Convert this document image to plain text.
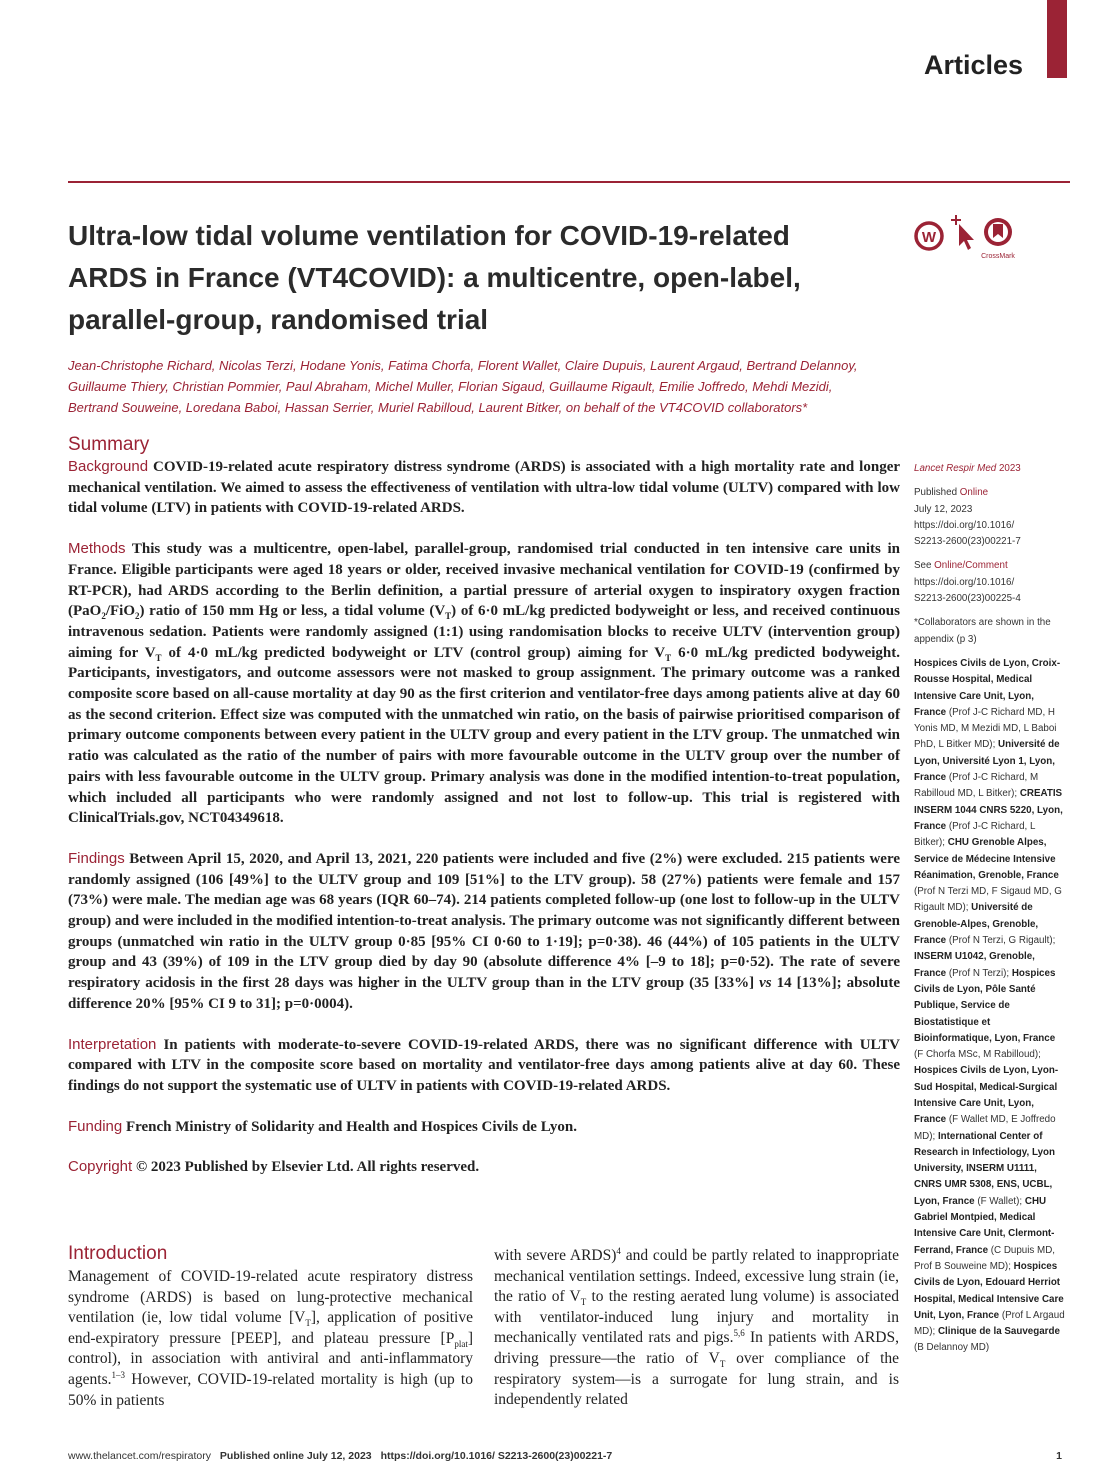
Articles
Ultra-low tidal volume ventilation for COVID-19-related
ARDS in France (VT4COVID): a multicentre, open-label,
parallel-group, randomised trial
W
CrossMark
Jean-Christophe Richard, Nicolas Terzi, Hodane Yonis, Fatima Chorfa, Florent Wallet, Claire Dupuis, Laurent Argaud, Bertrand Delannoy,
Guillaume Thiery, Christian Pommier, Paul Abraham, Michel Muller, Florian Sigaud, Guillaume Rigault, Emilie Joffredo, Mehdi Mezidi,
Bertrand Souweine, Loredana Baboi, Hassan Serrier, Muriel Rabilloud, Laurent Bitker, on behalf of the VT4COVID collaborators*
Summary

Background COVID-19-related acute respiratory distress syndrome (ARDS) is associated with a high mortality rate and longer mechanical ventilation. We aimed to assess the effectiveness of ventilation with ultra-low tidal volume (ULTV) compared with low tidal volume (LTV) in patients with COVID-19-related ARDS.

Methods This study was a multicentre, open-label, parallel-group, randomised trial conducted in ten intensive care units in France. Eligible participants were aged 18 years or older, received invasive mechanical ventilation for COVID-19 (confirmed by RT-PCR), had ARDS according to the Berlin definition, a partial pressure of arterial oxygen to inspiratory oxygen fraction (PaO$_2$/FiO$_2$) ratio of 150 mm Hg or less, a tidal volume $(V_T)$ of 6·0 mL/kg predicted bodyweight or less, and received continuous intravenous sedation. Patients were randomly assigned (1:1) using randomisation blocks to receive ULTV (intervention group) aiming for $V_T$ of 4·0 mL/kg predicted bodyweight or LTV (control group) aiming for $V_T$ 6·0 mL/kg predicted bodyweight. Participants, investigators, and outcome assessors were not masked to group assignment. The primary outcome was a ranked composite score based on all-cause mortality at day 90 as the first criterion and ventilator-free days among patients alive at day 60 as the second criterion. Effect size was computed with the unmatched win ratio, on the basis of pairwise prioritised comparison of primary outcome components between every patient in the ULTV group and every patient in the LTV group. The unmatched win ratio was calculated as the ratio of the number of pairs with more favourable outcome in the ULTV group over the number of pairs with less favourable outcome in the ULTV group. Primary analysis was done in the modified intention-to-treat population, which included all participants who were randomly assigned and not lost to follow-up. This trial is registered with ClinicalTrials.gov, NCT04349618.

Findings Between April 15, 2020, and April 13, 2021, 220 patients were included and five (2%) were excluded. 215 patients were randomly assigned (106 [49%] to the ULTV group and 109 [51%] to the LTV group). 58 (27%) patients were female and 157 (73%) were male. The median age was 68 years (IQR 60–74). 214 patients completed follow-up (one lost to follow-up in the ULTV group) and were included in the modified intention-to-treat analysis. The primary outcome was not significantly different between groups (unmatched win ratio in the ULTV group 0·85 [95% CI 0·60 to 1·19]; p=0·38). 46 (44%) of 105 patients in the ULTV group and 43 (39%) of 109 in the LTV group died by day 90 (absolute difference 4% [–9 to 18]; p=0·52). The rate of severe respiratory acidosis in the first 28 days was higher in the ULTV group than in the LTV group (35 [33%] vs 14 [13%]; absolute difference 20% [95% CI 9 to 31]; p=0·0004).

Interpretation In patients with moderate-to-severe COVID-19-related ARDS, there was no significant difference with ULTV compared with LTV in the composite score based on mortality and ventilator-free days among patients alive at day 60. These findings do not support the systematic use of ULTV in patients with COVID-19-related ARDS.

Funding French Ministry of Solidarity and Health and Hospices Civils de Lyon.

Copyright © 2023 Published by Elsevier Ltd. All rights reserved.

Introduction

Management of COVID-19-related acute respiratory distress syndrome (ARDS) is based on lung-protective mechanical ventilation (ie, low tidal volume $[V_T]$, application of positive end-expiratory pressure [PEEP], and plateau pressure $[P_{plat}]$ control), in association with antiviral and anti-inflammatory agents.$^{1-3}$ However, COVID-19-related mortality is high (up to 50% in patients

with severe ARDS)$^4$ and could be partly related to inappropriate mechanical ventilation settings. Indeed, excessive lung strain (ie, the ratio of $V_T$ to the resting aerated lung volume) is associated with ventilator-induced lung injury and mortality in mechanically ventilated rats and pigs.$^{5,6}$ In patients with ARDS, driving pressure—the ratio of $V_T$ over compliance of the respiratory system—is a surrogate for lung strain, and is independently related

Lancet Respir Med 2023

Published Online
July 12, 2023
https://doi.org/10.1016/
S2213-2600(23)00221-7

See Online/Comment
https://doi.org/10.1016/
S2213-2600(23)00225-4

*Collaborators are shown in the appendix (p 3)

Hospices Civils de Lyon, Croix-Rousse Hospital, Medical Intensive Care Unit, Lyon, France (Prof J-C Richard MD, H Yonis MD, M Mezidi MD, L Baboi PhD, L Bitker MD); Université de Lyon, Université Lyon 1, Lyon, France (Prof J-C Richard, M Rabilloud MD, L Bitker); CREATIS INSERM 1044 CNRS 5220, Lyon, France (Prof J-C Richard, L Bitker); CHU Grenoble Alpes, Service de Médecine Intensive Réanimation, Grenoble, France (Prof N Terzi MD, F Sigaud MD, G Rigault MD); Université de Grenoble-Alpes, Grenoble, France (Prof N Terzi, G Rigault); INSERM U1042, Grenoble, France (Prof N Terzi); Hospices Civils de Lyon, Pôle Santé Publique, Service de Biostatistique et Bioinformatique, Lyon, France (F Chorfa MSc, M Rabilloud); Hospices Civils de Lyon, Lyon-Sud Hospital, Medical-Surgical Intensive Care Unit, Lyon, France (F Wallet MD, E Joffredo MD); International Center of Research in Infectiology, Lyon University, INSERM U1111, CNRS UMR 5308, ENS, UCBL, Lyon, France (F Wallet); CHU Gabriel Montpied, Medical Intensive Care Unit, Clermont-Ferrand, France (C Dupuis MD, Prof B Souweine MD); Hospices Civils de Lyon, Edouard Herriot Hospital, Medical Intensive Care Unit, Lyon, France (Prof L Argaud MD); Clinique de la Sauvegarde (B Delannoy MD)

www.thelancet.com/respiratory Published online July 12, 2023 https://doi.org/10.1016/ S2213-2600(23)00221-7	1
